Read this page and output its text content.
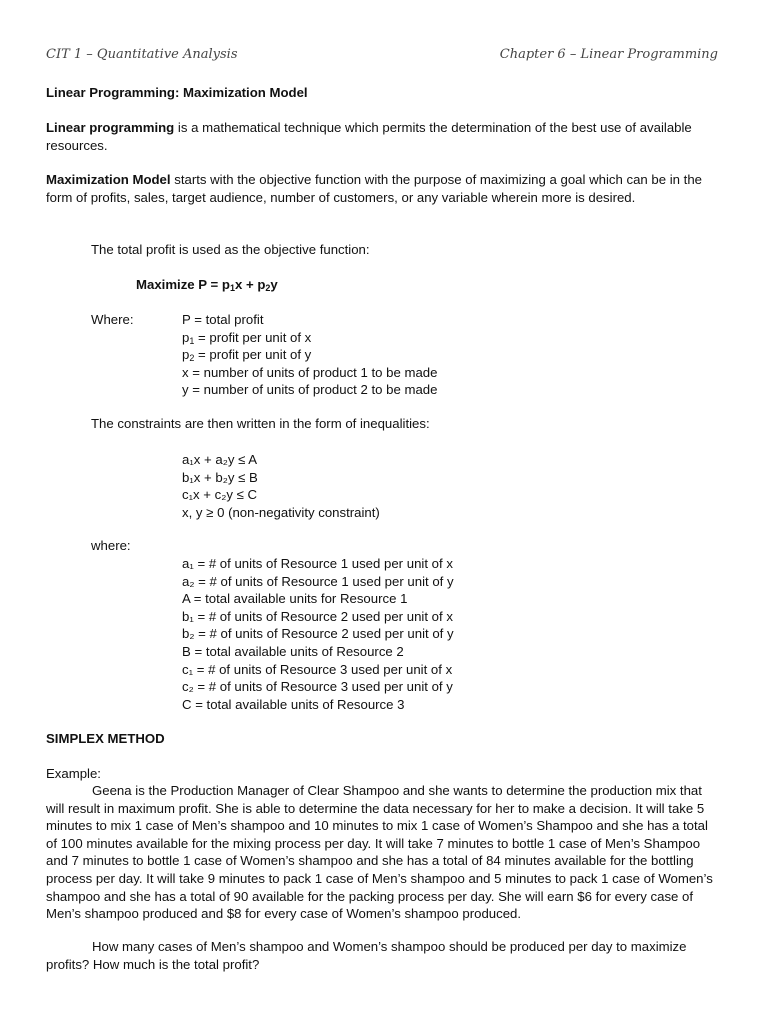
CIT 1 – Quantitative Analysis	Chapter 6 – Linear Programming
Linear Programming: Maximization Model
Linear programming is a mathematical technique which permits the determination of the best use of available resources.
Maximization Model starts with the objective function with the purpose of maximizing a goal which can be in the form of profits, sales, target audience, number of customers, or any variable wherein more is desired.
The total profit is used as the objective function:
Maximize $P = p_1x + p_2y$
Where:	P = total profit
$p_1$ = profit per unit of x
$p_2$ = profit per unit of y
x = number of units of product 1 to be made
y = number of units of product 2 to be made
The constraints are then written in the form of inequalities:
a₁x + a₂y ≤ A
b₁x + b₂y ≤ B
c₁x + c₂y ≤ C
x, y ≥ 0 (non-negativity constraint)
where:
a₁ = # of units of Resource 1 used per unit of x
a₂ = # of units of Resource 1 used per unit of y
A = total available units for Resource 1
b₁ = # of units of Resource 2 used per unit of x
b₂ = # of units of Resource 2 used per unit of y
B = total available units of Resource 2
c₁ = # of units of Resource 3 used per unit of x
c₂ = # of units of Resource 3 used per unit of y
C = total available units of Resource 3
SIMPLEX METHOD
Example:
Geena is the Production Manager of Clear Shampoo and she wants to determine the production mix that will result in maximum profit. She is able to determine the data necessary for her to make a decision. It will take 5 minutes to mix 1 case of Men’s shampoo and 10 minutes to mix 1 case of Women’s Shampoo and she has a total of 100 minutes available for the mixing process per day. It will take 7 minutes to bottle 1 case of Men’s Shampoo and 7 minutes to bottle 1 case of Women’s shampoo and she has a total of 84 minutes available for the bottling process per day. It will take 9 minutes to pack 1 case of Men’s shampoo and 5 minutes to pack 1 case of Women’s shampoo and she has a total of 90 available for the packing process per day. She will earn $6 for every case of Men’s shampoo produced and $8 for every case of Women’s shampoo produced.
How many cases of Men’s shampoo and Women’s shampoo should be produced per day to maximize profits? How much is the total profit?
